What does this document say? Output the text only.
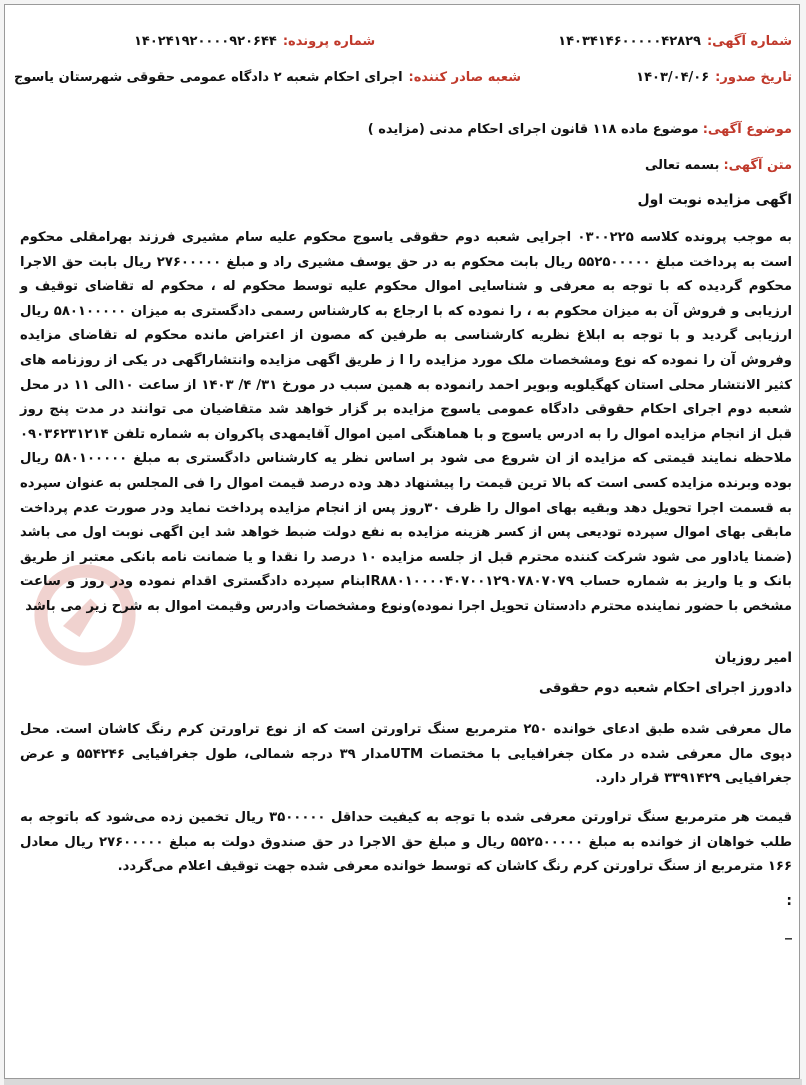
شماره آگهی:
۱۴۰۳۴۱۴۶۰۰۰۰۰۴۲۸۲۹
شماره پرونده:
۱۴۰۲۴۱۹۲۰۰۰۰۹۲۰۶۴۴
تاریخ صدور:
۱۴۰۳/۰۴/۰۶
شعبه صادر کننده:
اجرای احکام شعبه ۲ دادگاه عمومی حقوقی شهرستان یاسوج
موضوع آگهی: موضوع ماده ۱۱۸ قانون اجرای احکام مدنی (مزایده )
متن آگهی: بسمه تعالی
اگهی مزایده نوبت اول
به موجب پرونده کلاسه ۰۳۰۰۲۲۵ اجرایی شعبه دوم حقوقی یاسوج محکوم علیه سام مشیری فرزند بهرامقلی محکوم است به پرداخت مبلغ ۵۵۲۵۰۰۰۰۰ ریال بابت محکوم به در حق یوسف مشیری راد و مبلغ ۲۷۶۰۰۰۰۰ ریال بابت حق الاجرا محکوم گردیده که با توجه به معرفی و شناسایی اموال محکوم علیه توسط محکوم له ، محکوم له تقاضای توقیف و ارزیابی و فروش آن به میزان محکوم به ، را نموده که با ارجاع به کارشناس رسمی دادگستری به میزان ۵۸۰۱۰۰۰۰۰ ریال ارزیابی گردید و با توجه به ابلاغ نظریه کارشناسی به طرفین که مصون از اعتراض مانده محکوم له تقاضای مزایده وفروش آن را نموده که نوع ومشخصات ملک مورد مزایده را ا ز طریق اگهی مزایده وانتشاراگهی در یکی از روزنامه های کثیر الانتشار محلی استان کهگیلویه وبویر احمد رانموده به همین سبب در مورخ ۳۱/ ۴/ ۱۴۰۳ از ساعت ۱۰الی ۱۱ در محل شعبه دوم اجرای احکام حقوقی دادگاه عمومی یاسوج مزایده بر گزار خواهد شد متقاضیان می توانند در مدت پنج روز قبل از انجام مزایده اموال را به ادرس یاسوج و با هماهنگی امین اموال آقایمهدی پاکروان به شماره تلفن ۰۹۰۳۶۲۳۱۲۱۴ ملاحظه نمایند قیمتی که مزایده از ان شروع می شود بر اساس نظر یه کارشناس دادگستری به مبلغ ۵۸۰۱۰۰۰۰۰ ریال بوده وبرنده مزایده کسی است که بالا ترین قیمت را پیشنهاد دهد وده درصد قیمت اموال را فی المجلس به عنوان سپرده به قسمت اجرا تحویل دهد وبقیه بهای اموال را ظرف ۳۰روز پس از انجام مزایده پرداخت نماید ودر صورت عدم پرداخت مابقی بهای اموال سپرده تودیعی پس از کسر هزینه مزایده به نفع دولت ضبط خواهد شد این اگهی نوبت اول می باشد (ضمنا یاداور می شود شرکت کننده محترم قبل از جلسه مزایده ۱۰ درصد را نقدا و یا ضمانت نامه بانکی معتبر از طریق بانک و یا واریز به شماره حساب IR۸۸۰۱۰۰۰۰۴۰۷۰۰۱۲۹۰۷۸۰۷۰۷۹بنام سپرده دادگستری اقدام نموده ودر روز و ساعت مشخص با حضور نماینده محترم دادستان تحویل اجرا نموده)ونوع ومشخصات وادرس وقیمت اموال به شرح زیر می باشد
امیر روزیان
دادورز اجرای احکام شعبه دوم حقوقی
مال معرفی شده طبق ادعای خوانده ۲۵۰ مترمربع سنگ تراورتن است که از نوع تراورتن کرم رنگ کاشان است. محل دپوی مال معرفی شده در مکان جغرافیایی با مختصات UTMمدار ۳۹ درجه شمالی، طول جغرافیایی ۵۵۴۲۴۶ و عرض جغرافیایی ۳۳۹۱۴۲۹ قرار دارد.
قیمت هر مترمربع سنگ تراورتن معرفی شده با توجه به کیفیت حداقل ۳۵۰۰۰۰۰ ریال تخمین زده می‌شود که باتوجه به طلب خواهان از خوانده به مبلغ ۵۵۲۵۰۰۰۰۰ ریال و مبلغ حق الاجرا در حق صندوق دولت به مبلغ ۲۷۶۰۰۰۰۰ ریال معادل ۱۶۶ مترمربع از سنگ تراورتن کرم رنگ کاشان که توسط خوانده معرفی شده جهت توقیف اعلام می‌گردد.
:
_
